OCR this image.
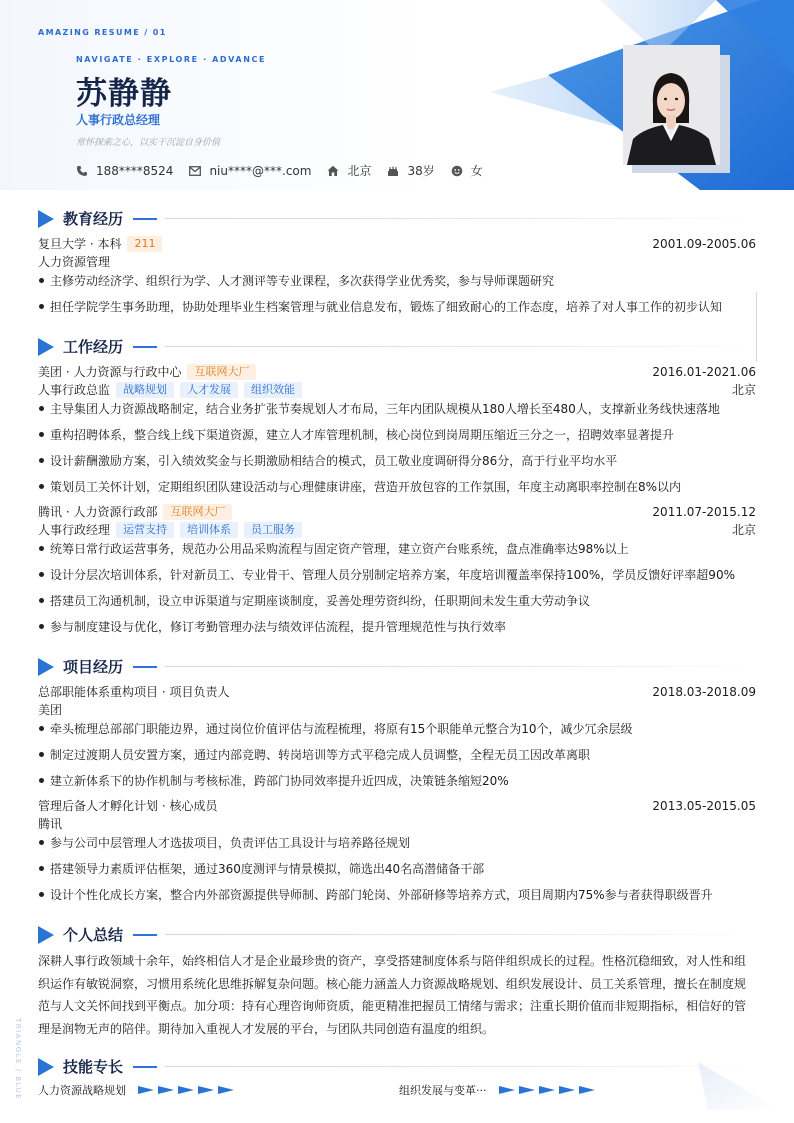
AMAZING RESUME / 01
NAVIGATE · EXPLORE · ADVANCE
苏静静
人事行政总经理
常怀探索之心，以实干沉淀自身价值
188****8524	niu****@***.com	北京	38岁	女
TRIANGLE / BLUE
教育经历
复旦大学 · 本科	211	2001.09-2005.06
人力资源管理
主修劳动经济学、组织行为学、人才测评等专业课程，多次获得学业优秀奖，参与导师课题研究
担任学院学生事务助理，协助处理毕业生档案管理与就业信息发布，锻炼了细致耐心的工作态度，培养了对人事工作的初步认知
工作经历
美团 · 人力资源与行政中心	互联网大厂	2016.01-2021.06
人事行政总监	战略规划	人才发展	组织效能	北京
主导集团人力资源战略制定，结合业务扩张节奏规划人才布局，三年内团队规模从180人增长至480人，支撑新业务线快速落地
重构招聘体系，整合线上线下渠道资源，建立人才库管理机制，核心岗位到岗周期压缩近三分之一，招聘效率显著提升
设计薪酬激励方案，引入绩效奖金与长期激励相结合的模式，员工敬业度调研得分86分，高于行业平均水平
策划员工关怀计划，定期组织团队建设活动与心理健康讲座，营造开放包容的工作氛围，年度主动离职率控制在8%以内
腾讯 · 人力资源行政部	互联网大厂	2011.07-2015.12
人事行政经理	运营支持	培训体系	员工服务	北京
统筹日常行政运营事务，规范办公用品采购流程与固定资产管理，建立资产台账系统，盘点准确率达98%以上
设计分层次培训体系，针对新员工、专业骨干、管理人员分别制定培养方案，年度培训覆盖率保持100%，学员反馈好评率超90%
搭建员工沟通机制，设立申诉渠道与定期座谈制度，妥善处理劳资纠纷，任职期间未发生重大劳动争议
参与制度建设与优化，修订考勤管理办法与绩效评估流程，提升管理规范性与执行效率
项目经历
总部职能体系重构项目 · 项目负责人	2018.03-2018.09
美团
牵头梳理总部部门职能边界，通过岗位价值评估与流程梳理，将原有15个职能单元整合为10个，减少冗余层级
制定过渡期人员安置方案，通过内部竞聘、转岗培训等方式平稳完成人员调整，全程无员工因改革离职
建立新体系下的协作机制与考核标准，跨部门协同效率提升近四成，决策链条缩短20%
管理后备人才孵化计划 · 核心成员	2013.05-2015.05
腾讯
参与公司中层管理人才选拔项目，负责评估工具设计与培养路径规划
搭建领导力素质评估框架，通过360度测评与情景模拟，筛选出40名高潜储备干部
设计个性化成长方案，整合内外部资源提供导师制、跨部门轮岗、外部研修等培养方式，项目周期内75%参与者获得职级晋升
个人总结
深耕人事行政领域十余年，始终相信人才是企业最珍贵的资产，享受搭建制度体系与陪伴组织成长的过程。性格沉稳细致，对人性和组织运作有敏锐洞察，习惯用系统化思维拆解复杂问题。核心能力涵盖人力资源战略规划、组织发展设计、员工关系管理，擅长在制度规范与人文关怀间找到平衡点。加分项：持有心理咨询师资质，能更精准把握员工情绪与需求；注重长期价值而非短期指标，相信好的管理是润物无声的陪伴。期待加入重视人才发展的平台，与团队共同创造有温度的组织。
技能专长
人力资源战略规划	组织发展与变革···
